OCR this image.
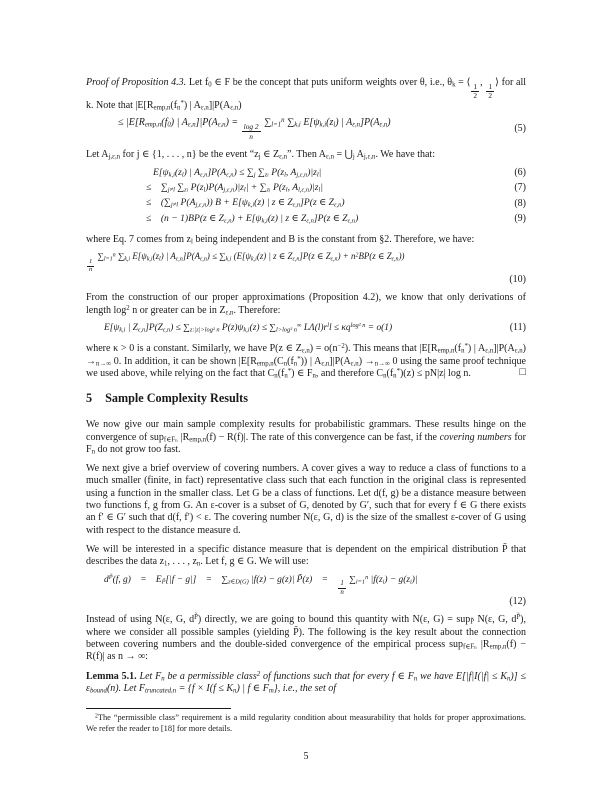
Proof of Proposition 4.3. Let $f_0$ ∈ F be the concept that puts uniform weights over θ, i.e., $\theta_k$ = ⟨
$\frac{1}{2}$
,
$\frac{1}{2}$
⟩ for all k. Note that $|E[R_{emp,n}(f_n^*)$ | $A_{\varepsilon,n}]|P(A_{\varepsilon,n})$

≤ $|E[R_{emp,n}(f_0)$ | $A_{\varepsilon,n}]|P(A_{\varepsilon,n})$ =
$\frac{\log 2}{n}$
$\sum_{l=1}^n$ $\sum_{k,i}$ $E[\psi_{k,i}(z_l)$ | $A_{\varepsilon,n}]P(A_{\varepsilon,n})$	(5)

Let $A_{j,\varepsilon,n}$ for j ∈ {1, . . . , n} be the event “$z_j$ ∈ $Z_{\varepsilon,n}$”. Then $A_{\varepsilon,n}$ = $⋃_j$ $A_{j,\varepsilon,n}$. We have that:

$E[\psi_{k,i}(z_l)$ | $A_{\varepsilon,n}]P(A_{\varepsilon,n}) \le \sum_j$ $\sum_{z_l}$ $P(z_l$, $A_{j,\varepsilon,n})|z_l|$	(6)
≤ $\sum_{j\ne l}$ $\sum_{z_l}$ $P(z_l)P(A_{j,\varepsilon,n})|z_l| + \sum_{z_l}$ $P(z_l$, $A_{l,\varepsilon,n})|z_l|$	(7)
≤ ($\sum_{j\ne l}$ $P(A_{j,\varepsilon,n})$) $B + E[\psi_{k,i}(z)$ | z ∈ $Z_{\varepsilon,n}]P(z$ ∈ $Z_{\varepsilon,n}$)	(8)
≤ (n − 1)BP(z ∈ $Z_{\varepsilon,n}) + E[\psi_{k,i}(z)$ | z ∈ $Z_{\varepsilon,n}]P(z$ ∈ $Z_{\varepsilon,n}$)	(9)

where Eq. 7 comes from $z_l$ being independent and B is the constant from §2. Therefore, we have:

$\frac{1}{n}$
$\sum_{l=1}^n$ $\sum_{k,i}$ $E[\psi_{k,i}(z_l)$ | $A_{\varepsilon,n}]P(A_{\varepsilon,n}) \le \sum_{k,i}$ ($E[\psi_{k,i}(z)$ | z ∈ $Z_{\varepsilon,n}]P(z$ ∈ $Z_{\varepsilon,n}) + n^2BP(z$ ∈ $Z_{\varepsilon,n}$))
(10)

From the construction of our proper approximations (Proposition 4.2), we know that only derivations of length $\log^2 n$ or greater can be in $Z_{\varepsilon,n}$. Therefore:

$E[\psi_{k,i}$ | $Z_{\varepsilon,n}]P(Z_{\varepsilon,n}) \le \sum_{z:|z|>log^2 n}$ $P(z)\psi_{k,i}(z) \le \sum_{l>log^2 n}^\infty$ $L\Lambda(l)r^ll \le \kappa q^{log^2 n} = o(1)$	(11)

where κ > 0 is a constant. Similarly, we have P(z ∈ $Z_{\varepsilon,n}) = o(n^{-2})$. This means that $|E[R_{emp,n}(f_n^*)$ | $A_{\varepsilon,n}]|P(A_{\varepsilon,n}) \to_{n\to\infty}$ 0. In addition, it can be shown $|E[R_{emp,n}(C_n(f_n^*))$ | $A_{\varepsilon,n}]|P(A_{\varepsilon,n}) \to_{n\to\infty}$ 0 using the same proof technique we used above, while relying on the fact that $C_n(f_n^*)$ ∈ $F_n$, and therefore $C_n(f_n^*)(z) \le pN|z|$ log n.	□

5 Sample Complexity Results

We now give our main sample complexity results for probabilistic grammars. These results hinge on the convergence of sup$_{f\in F_n}$ $|R_{emp,n}(f) - R(f)|$. The rate of this convergence can be fast, if the covering numbers for $F_n$ do not grow too fast.

We next give a brief overview of covering numbers. A cover gives a way to reduce a class of functions to a much smaller (finite, in fact) representative class such that each function in the original class is represented using a function in the smaller class. Let G be a class of functions. Let d(f, g) be a distance measure between two functions f, g from G. An ε-cover is a subset of G, denoted by G′, such that for every f ∈ G there exists an f′ ∈ G′ such that d(f, f′) < ε. The covering number N(ε, G, d) is the size of the smallest ε-cover of G using with respect to the distance measure d.

We will be interested in a specific distance measure that is dependent on the empirical distribution P̃ that describes the data $z_1$, . . . , $z_n$. Let f, g ∈ G. We will use:

$d^{P̃}(f$, g) = $E_{P̃}[|f - g|]$ = $\sum_{z\in D(G)}$ |f(z) − g(z)| P̃(z) = 
$\frac{1}{n}$
$\sum_{i=1}^n$ $|f(z_i) - g(z_i)|$
(12)

Instead of using N(ε, G, $d^{P̃}$) directly, we are going to bound this quantity with N(ε, G) = sup$_{P̃}$ N(ε, G, $d^{P̃}$), where we consider all possible samples (yielding P̃). The following is the key result about the connection between covering numbers and the double-sided convergence of the empirical process sup$_{f\in F_n}$ $|R_{emp,n}(f) - R(f)|$ as n → ∞:

Lemma 5.1. Let $F_n$ be a permissible class$^2$ of functions such that for every f ∈ $F_n$ we have $E[|f|I(|f| \le K_n)] \le \varepsilon_{bound}(n)$. Let $F_{truncated,n} = \{f \times I(f \le K_n)$ | f ∈ $F_m$}, i.e., the set of

$^2$The “permissible class” requirement is a mild regularity condition about measurability that holds for proper approximations. We refer the reader to [18] for more details.
5
